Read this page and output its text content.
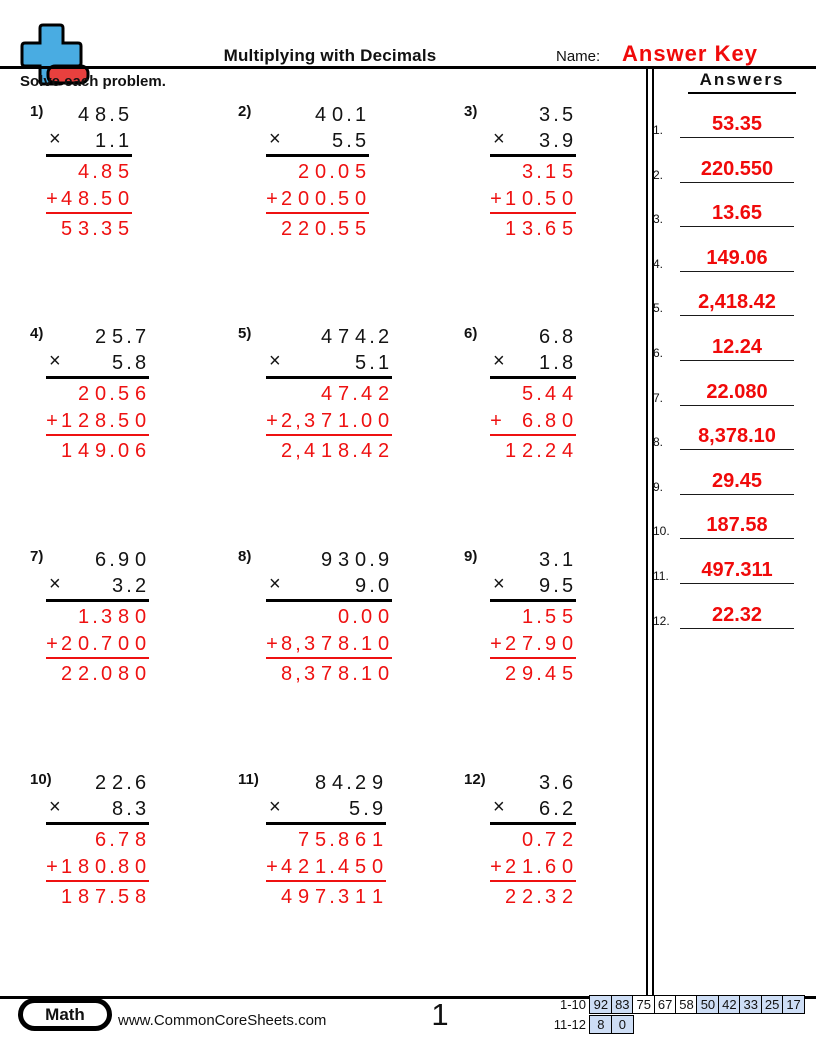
Multiplying with Decimals	Name: Answer Key
Solve each problem.	Answers
1.	53.35
2.	220.550
3.	13.65
4.	149.06
5.	2,418.42
6.	12.24
7.	22.080
8.	8,378.10
9.	29.45
10.	187.58
11.	497.311
12.	22.32
1) 4 8 . 5
1 . 1
×
4 . 8 5
+ 4 8 . 5 0
5 3 . 3 5
2)	4 0 . 1
5 . 5
×
2 0 . 0 5
+ 2 0 0 . 5 0
2 2 0 . 5 5
3)	3 . 5
3 . 9
×
3 . 1 5
+ 1 0 . 5 0
1 3 . 6 5
4)	2 5 . 7
5 . 8
×
2 0 . 5 6
+ 1 2 8 . 5 0
1 4 9 . 0 6
5)	4 7 4 . 2
5 . 1
×
4 7 . 4 2
+ 2 , 3 7 1 . 0 0
2 , 4 1 8 . 4 2
6)	6 . 8
1 . 8
×
5 . 4 4
+ 6 . 8 0
1 2 . 2 4
7)	6 . 9 0
3 . 2
×
1 . 3 8 0
+ 2 0 . 7 0 0
2 2 . 0 8 0
8)	9 3 0 . 9
9 . 0
×
0 . 0 0
+ 8 , 3 7 8 . 1 0
8 , 3 7 8 . 1 0
9)	3 . 1
9 . 5
×
1 . 5 5
+ 2 7 . 9 0
2 9 . 4 5
10) 2 2 . 6
8 . 3
×
6 . 7 8
+ 1 8 0 . 8 0
1 8 7 . 5 8
11)	8 4 . 2 9
5 . 9
×
7 5 . 8 6 1
+ 4 2 1 . 4 5 0
4 9 7 . 3 1 1
12)	3 . 6
6 . 2
×
0 . 7 2
+ 2 1 . 6 0
2 2 . 3 2
Math	www.CommonCoreSheets.com	1	1-10 92 83 75 67 58 50 42 33 25 17
11-12 8	0
